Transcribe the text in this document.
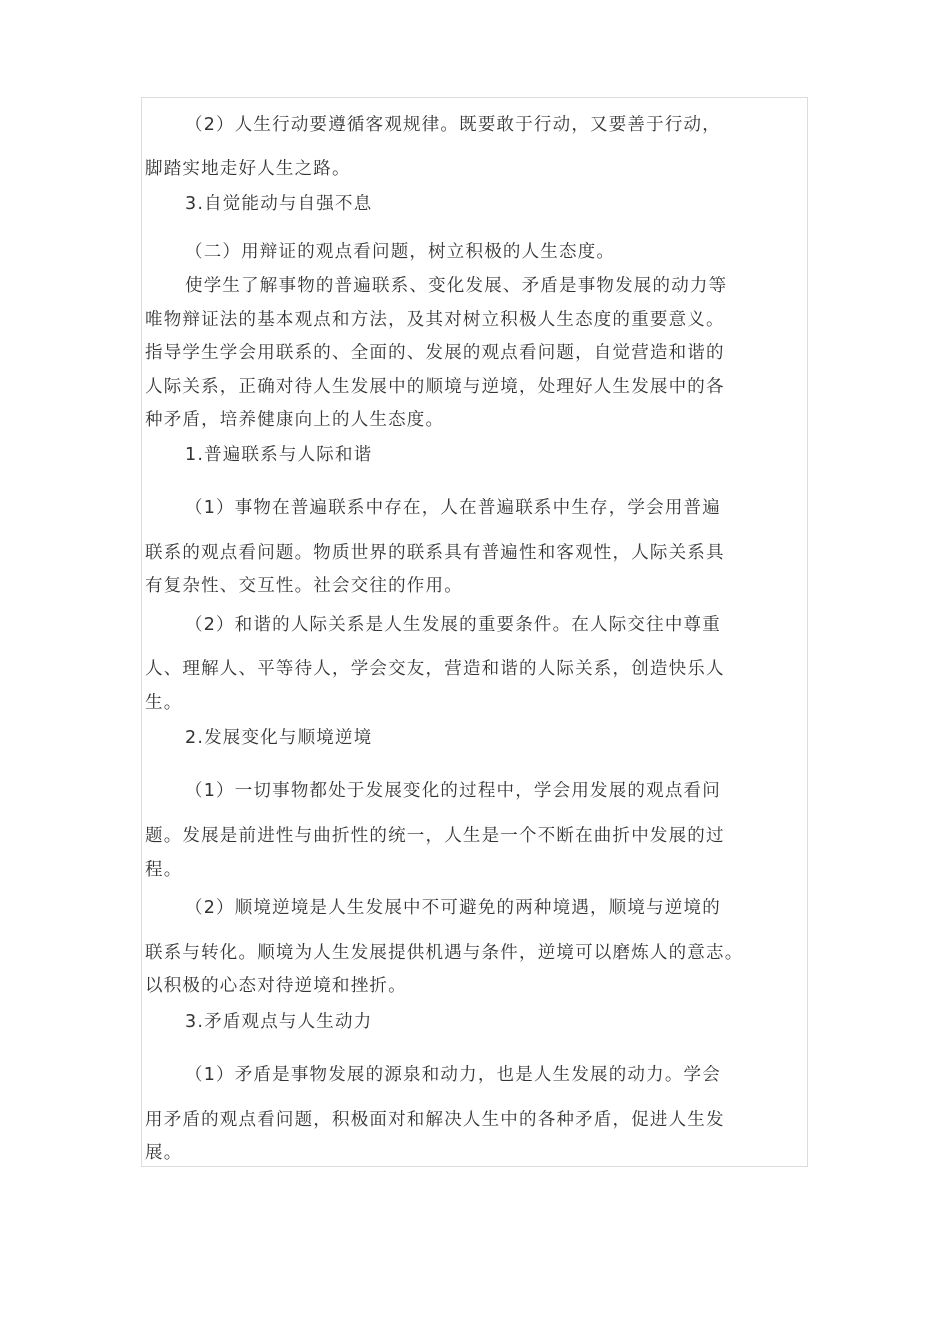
（2）人生行动要遵循客观规律。既要敢于行动，又要善于行动，
脚踏实地走好人生之路。
3.自觉能动与自强不息
（二）用辩证的观点看问题，树立积极的人生态度。
使学生了解事物的普遍联系、变化发展、矛盾是事物发展的动力等
唯物辩证法的基本观点和方法，及其对树立积极人生态度的重要意义。
指导学生学会用联系的、全面的、发展的观点看问题，自觉营造和谐的
人际关系，正确对待人生发展中的顺境与逆境，处理好人生发展中的各
种矛盾，培养健康向上的人生态度。
1.普遍联系与人际和谐
（1）事物在普遍联系中存在，人在普遍联系中生存，学会用普遍
联系的观点看问题。物质世界的联系具有普遍性和客观性，人际关系具
有复杂性、交互性。社会交往的作用。
（2）和谐的人际关系是人生发展的重要条件。在人际交往中尊重
人、理解人、平等待人，学会交友，营造和谐的人际关系，创造快乐人
生。
2.发展变化与顺境逆境
（1）一切事物都处于发展变化的过程中，学会用发展的观点看问
题。发展是前进性与曲折性的统一，人生是一个不断在曲折中发展的过
程。
（2）顺境逆境是人生发展中不可避免的两种境遇，顺境与逆境的
联系与转化。顺境为人生发展提供机遇与条件，逆境可以磨炼人的意志。
以积极的心态对待逆境和挫折。
3.矛盾观点与人生动力
（1）矛盾是事物发展的源泉和动力，也是人生发展的动力。学会
用矛盾的观点看问题，积极面对和解决人生中的各种矛盾，促进人生发
展。
